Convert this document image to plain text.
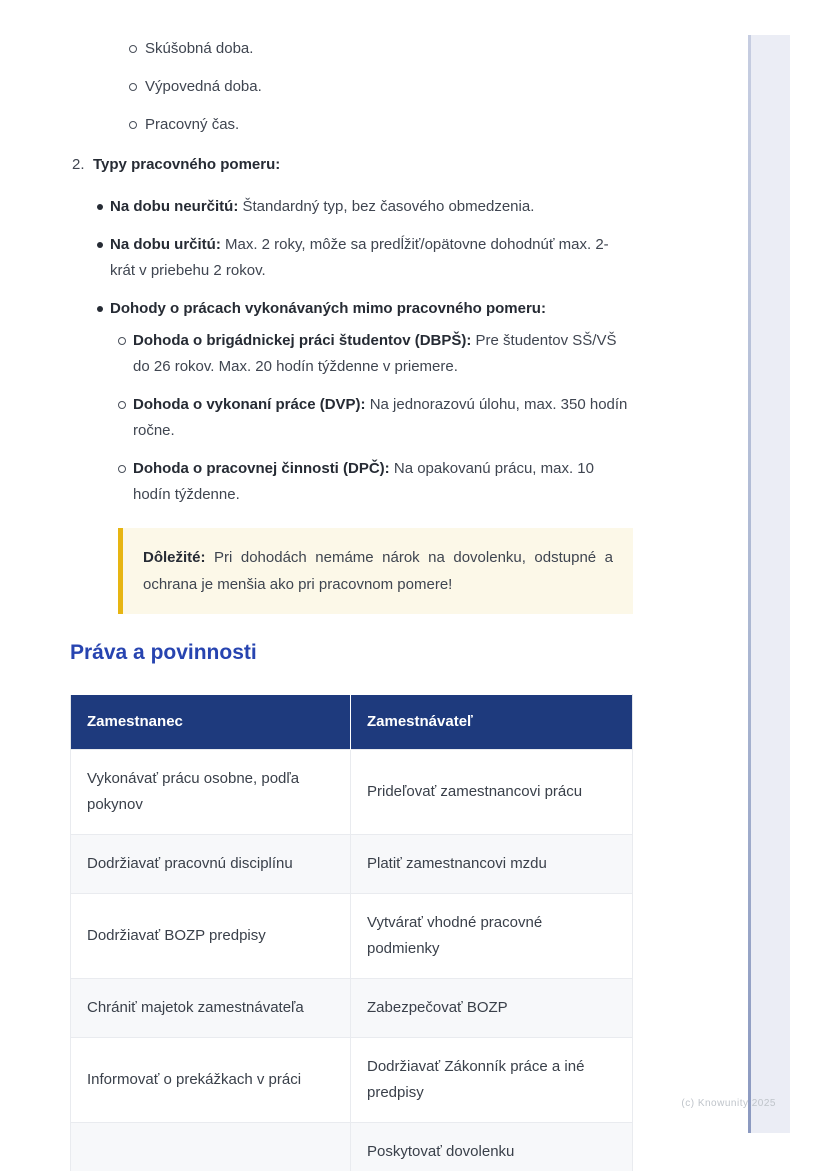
Skúšobná doba.
Výpovedná doba.
Pracovný čas.
2. Typy pracovného pomeru:
Na dobu neurčitú: Štandardný typ, bez časového obmedzenia.
Na dobu určitú: Max. 2 roky, môže sa predĺžiť/opätovne dohodnúť max. 2-krát v priebehu 2 rokov.
Dohody o prácach vykonávaných mimo pracovného pomeru:
Dohoda o brigádnickej práci študentov (DBPŠ): Pre študentov SŠ/VŠ do 26 rokov. Max. 20 hodín týždenne v priemere.
Dohoda o vykonaní práce (DVP): Na jednorazovú úlohu, max. 350 hodín ročne.
Dohoda o pracovnej činnosti (DPČ): Na opakovanú prácu, max. 10 hodín týždenne.
Dôležité: Pri dohodách nemáme nárok na dovolenku, odstupné a ochrana je menšia ako pri pracovnom pomere!
Práva a povinnosti
Zamestnanec	Zamestnávateľ
Vykonávať prácu osobne, podľa pokynov	Prideľovať zamestnancovi prácu
Dodržiavať pracovnú disciplínu	Platiť zamestnancovi mzdu
Dodržiavať BOZP predpisy	Vytvárať vhodné pracovné podmienky
Chrániť majetok zamestnávateľa	Zabezpečovať BOZP
Informovať o prekážkach v práci	Dodržiavať Zákonník práce a iné predpisy
	Poskytovať dovolenku
(c) Knowunity 2025
